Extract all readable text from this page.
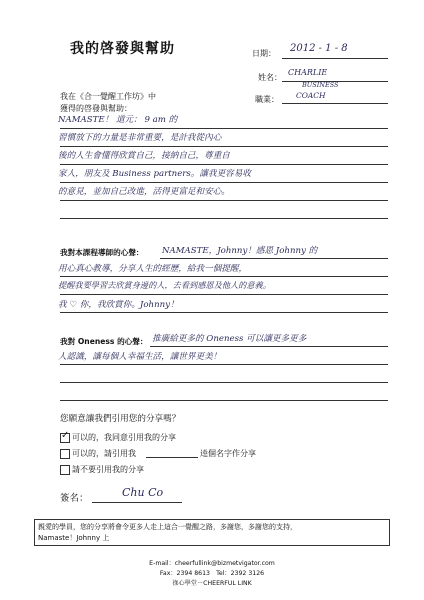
我的啓發與幫助	日期： 2012 - 1 - 8
姓名：
CHARLIE
職業：
BUSINESS
COACH
我在《合一覺醒工作坊》中
獲得的啓發與幫助：
NAMASTE！ 道元： 9 am 的
習慣放下的力量是非常重要，是計我從內心
後的人生會懂得欣賞自己，接納自己，尊重自
家人，朋友及 Business partners。讓我更容易收
的意見，並加自己改進，活得更富足和安心。
我對本課程導師的心聲： NAMASTE，Johnny！感恩 Johnny 的
用心真心教導，分享人生的經歷，給我一個提醒，
提醒我要學習去欣賞身邊的人，去看到感恩及他人的意義。
我 ♡ 你，我欣賞你。Johnny！
我對 Oneness 的心聲： 推廣給更多的 Oneness 可以讓更多更多
人認識，讓每個人幸福生活，讓世界更美！
您願意讓我們引用您的分享嗎？
✓ 可以的，我同意引用我的分享
可以的，請引用我	逵個名字作分享
請不要引用我的分享
簽名：	Chu Co
親愛的學員，您的分享將會令更多人走上這合一覺醒之路，多謝您，多謝您的支持，
Namaste！Johnny 上
E-mail：cheerfullink@bizmetvigator.com
Fax：2394 8613　Tel：2392 3126
祿心學堂－CHEERFUL LINK
